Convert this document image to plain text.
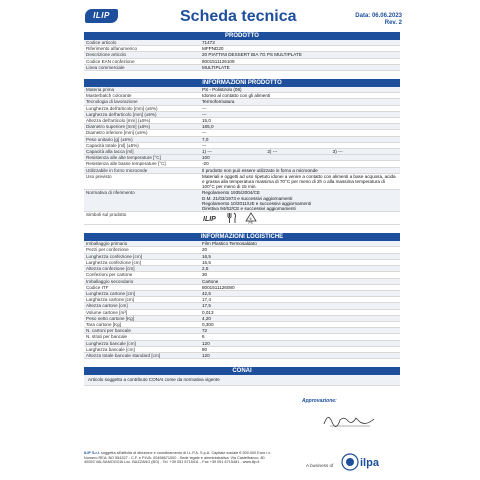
ILIP	Scheda tecnica	Data: 06.06.2023
Rev. 2
PRODOTTO
Codice articolo	71473
Riferimento alfanumerico	MFPND20
Descrizione articolo	20 PIATTINI DESSERT BIA 7G PS MULTIPLATE
Codice EAN confezione	8001511126109
Linea commerciale	MULTIPLATE
INFORMAZIONI PRODOTTO
Materia prima	PS - Polistirolo (06)
Masterbatch colorante	Idoneo al contatto con gli alimenti
Tecnologia di lavorazione	Termoformatura
Lunghezza dell'articolo [mm] (±5%)	---
Larghezza dell'articolo [mm] (±5%)	---
Altezza dell'articolo [mm] (±5%)	15,0
Diametro superiore [mm] (±5%)	165,0
Diametro inferiore [mm] (±5%)	---
Peso unitario [g] (±5%)	7,0
Capacità totale [ml] (±5%)	---
Capacità alla tacca [ml]	1) --- 2) --- 3) ---

Resistenza alle alte temperature [°C]	100
Resistenza alle basse temperature [°C]	-20
Utilizzabile in forno microonde	Il prodotto non può essere utilizzato in forno a microonde
Uso previsto	Materiali e oggetti ad uso ripetuto idonei a venire a contatto con alimenti a base acquosa, acida e grassa alla temperatura massima di 70°C per meno di 2h o alla massima temperatura di 100°C per meno di 15 min.
Normativa di riferimento	Regolamento 1935/2004/CE
D.M. 21/03/1973 e successivi aggiornamenti
Regolamento 10/2011/UE e successivi aggiornamenti
Direttiva 94/62/CE e successivi aggiornamenti

Simboli sul prodotto	ILIP 6
PS
INFORMAZIONI LOGISTICHE
Imballaggio primario	Film Plastico Termosaldato
Pezzi per confezione	20
Lunghezza confezione [cm]	16,5
Larghezza confezione [cm]	16,5
Altezza confezione [cm]	2,5
Confezioni per cartone	30
Imballaggio secondario	Cartone
Codice ITF	8001511126080
Lunghezza cartone [cm]	42,5
Larghezza cartone [cm]	17,4
Altezza cartone [cm]	17,5
Volume cartone [m³]	0,013
Peso netto cartone [Kg]	4,20
Tara cartone [Kg]	0,300
N. cartoni per bancale	72
N. strati per bancale	6
Lunghezza bancale [cm]	120
Larghezza bancale [cm]	80
Altezza totale bancale standard [cm]	120
CONAI
Articolo soggetto a contributo CONAI come da normativa vigente
Approvazione:
ILIP S.r.l. soggetta all'attività di direzione e coordinamento di I.L.P.A. S.p.A. Capitale sociale € 500.000 Euro i.v.
Numero REA: BO 554327 - C.F. e P.IVA: 00498671000 - Sede legale e amministrativa: Via Castelfranco, 80
40053 VALSAMOGGIA Loc. BAZZANO (BO) - Tel. +39 051 6715411 - Fax +39 051 6715481 - www.ilip.it
A business of ilpa
